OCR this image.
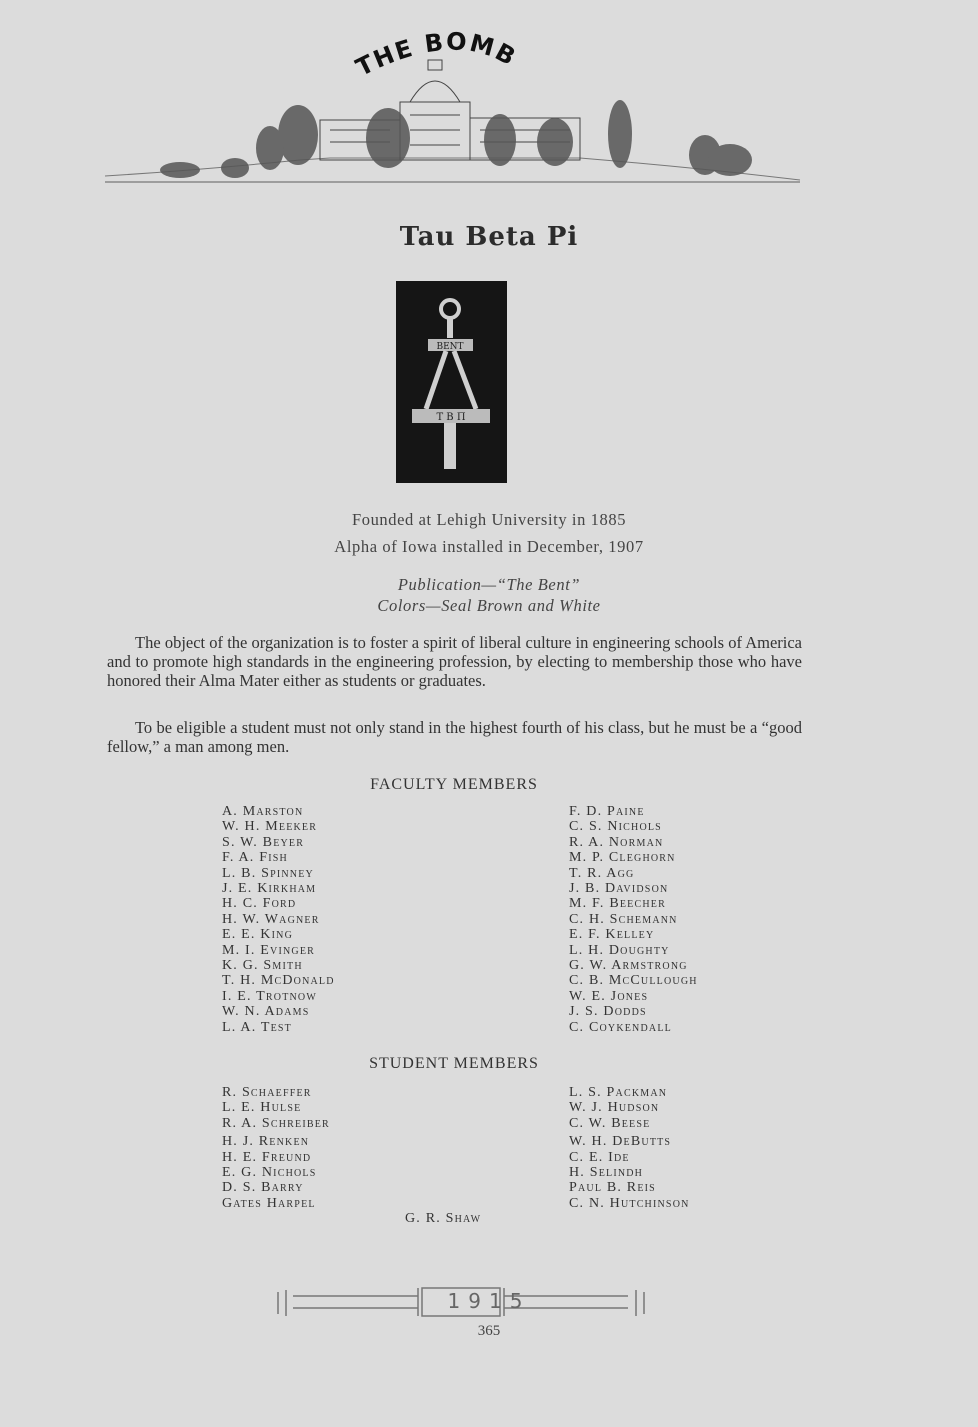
THE BOMB
Tau Beta Pi
ΒΕΝΤ
T B Π
Founded at Lehigh University in 1885
Alpha of Iowa installed in December, 1907
Publication—“The Bent”
Colors—Seal Brown and White

The object of the organization is to foster a spirit of liberal culture in engineering schools of America and to promote high standards in the engineering profession, by electing to membership those who have honored their Alma Mater either as students or graduates.

To be eligible a student must not only stand in the highest fourth of his class, but he must be a “good fellow,” a man among men.

FACULTY MEMBERS
A. Marston
W. H. Meeker
S. W. Beyer
F. A. Fish
L. B. Spinney
J. E. Kirkham
H. C. Ford
H. W. Wagner
E. E. King
M. I. Evinger
K. G. Smith
T. H. McDonald
I. E. Trotnow
W. N. Adams
L. A. Test
F. D. Paine
C. S. Nichols
R. A. Norman
M. P. Cleghorn
T. R. Agg
J. B. Davidson
M. F. Beecher
C. H. Schemann
E. F. Kelley
L. H. Doughty
G. W. Armstrong
C. B. McCullough
W. E. Jones
J. S. Dodds
C. Coykendall
STUDENT MEMBERS
R. Schaeffer
L. E. Hulse
R. A. Schreiber
H. J. Renken
H. E. Freund
E. G. Nichols
D. S. Barry
Gates Harpel
L. S. Packman
W. J. Hudson
C. W. Beese
W. H. DeButts
C. E. Ide
H. Selindh
Paul B. Reis
C. N. Hutchinson
G. R. Shaw
1915
365
